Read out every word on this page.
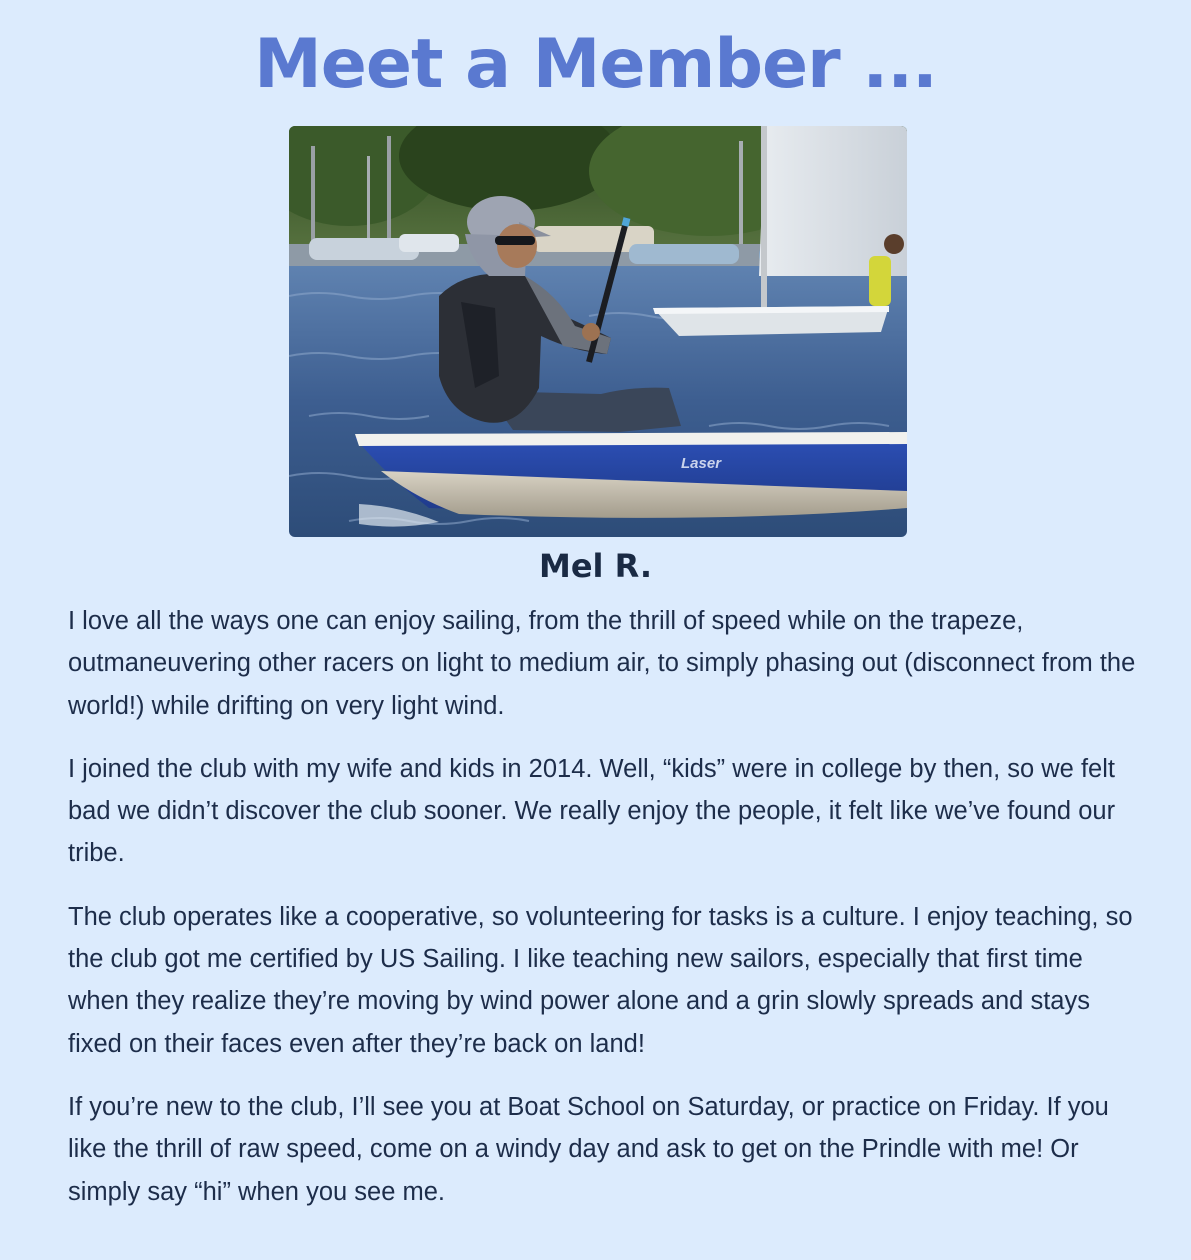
Meet a Member ...
Laser
Mel R.

I love all the ways one can enjoy sailing, from the thrill of speed while on the trapeze, outmaneuvering other racers on light to medium air, to simply phasing out (disconnect from the world!) while drifting on very light wind.

I joined the club with my wife and kids in 2014. Well, “kids” were in college by then, so we felt bad we didn’t discover the club sooner. We really enjoy the people, it felt like we’ve found our tribe.

The club operates like a cooperative, so volunteering for tasks is a culture. I enjoy teaching, so the club got me certified by US Sailing. I like teaching new sailors, especially that first time when they realize they’re moving by wind power alone and a grin slowly spreads and stays fixed on their faces even after they’re back on land!

If you’re new to the club, I’ll see you at Boat School on Saturday, or practice on Friday. If you like the thrill of raw speed, come on a windy day and ask to get on the Prindle with me! Or simply say “hi” when you see me.
